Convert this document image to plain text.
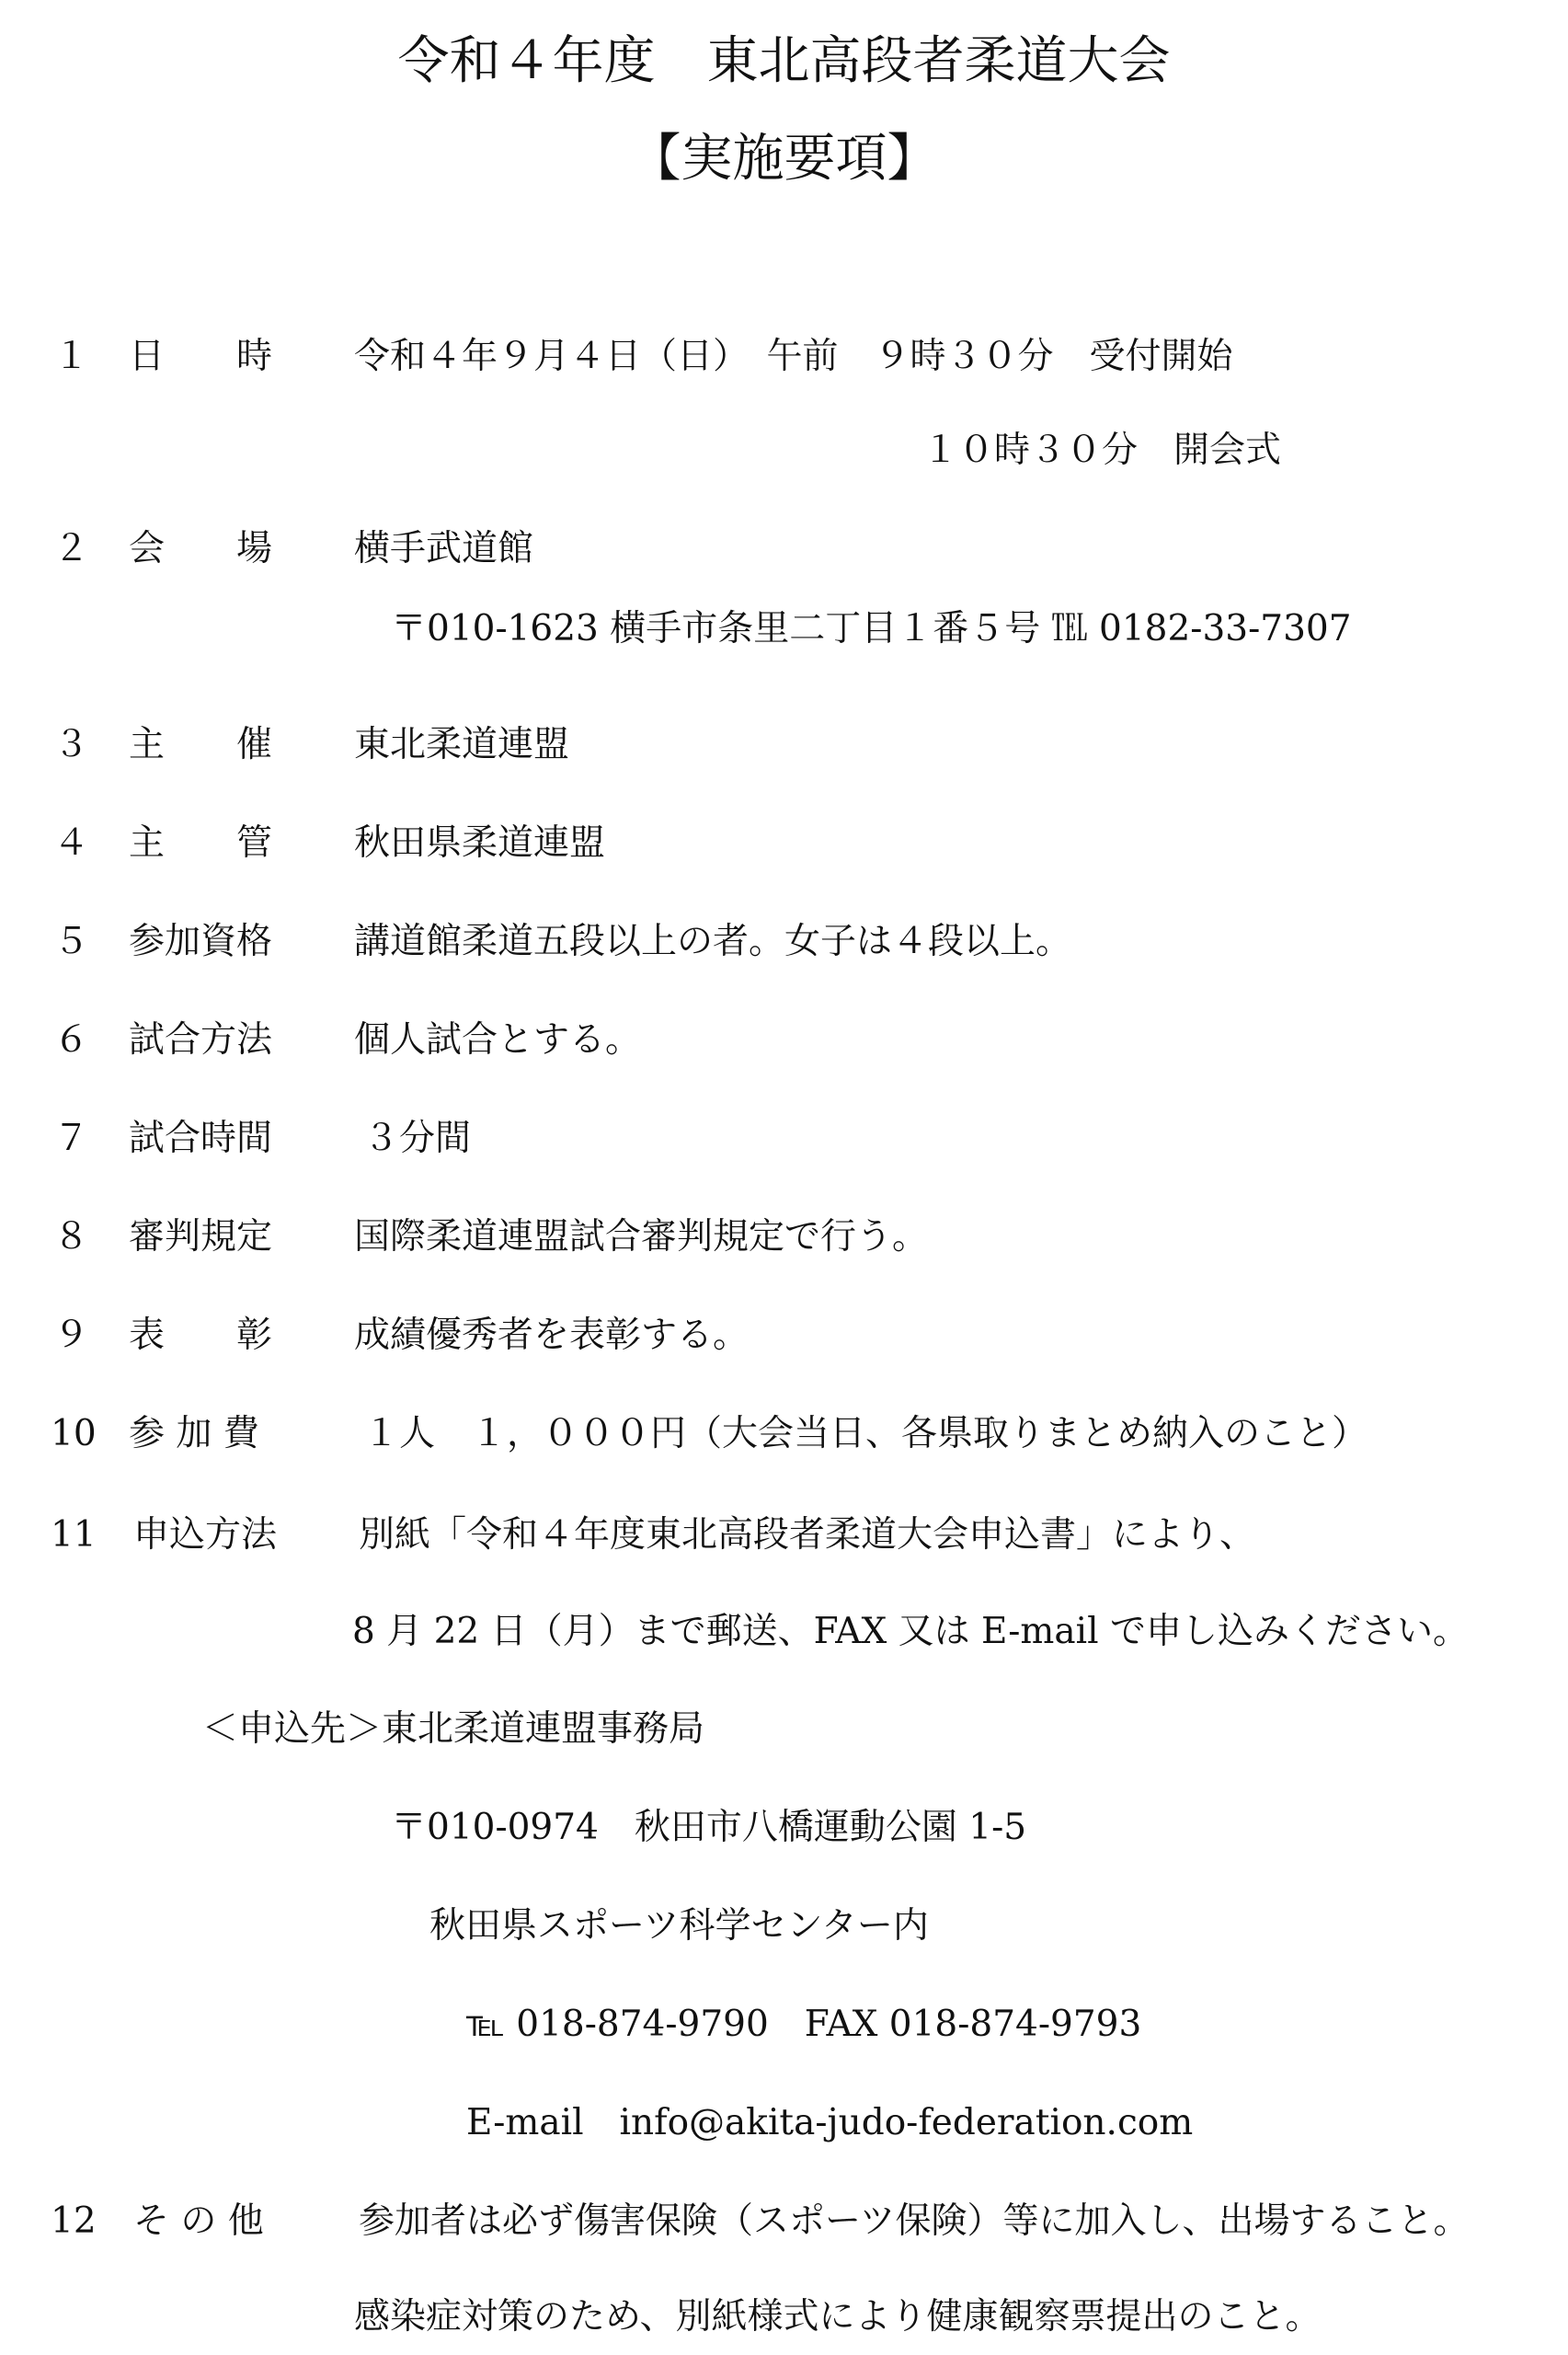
令和４年度　東北高段者柔道大会
【実施要項】
１ 日　　時 令和４年９月４日（日）　午前　９時３０分　受付開始
１０時３０分　開会式
２ 会　　場 横手武道館
〒010-1623 横手市条里二丁目１番５号 ℡ 0182-33-7307
３ 主　　催 東北柔道連盟
４ 主　　管 秋田県柔道連盟
５ 参加資格 講道館柔道五段以上の者。女子は４段以上。
６ 試合方法 個人試合とする。
７ 試合時間	３分間
８ 審判規定 国際柔道連盟試合審判規定で行う。
９ 表　　彰 成績優秀者を表彰する。
10 参 加 費	１人　１，０００円（大会当日、各県取りまとめ納入のこと）
11 申込方法 別紙「令和４年度東北高段者柔道大会申込書」により、
8 月 22 日（月）まで郵送、FAX 又は E-mail で申し込みください。
＜申込先＞東北柔道連盟事務局
〒010-0974　秋田市八橋運動公園 1-5
秋田県スポーツ科学センター内
℡ 018-874-9790　FAX 018-874-9793
E-mail　info@akita-judo-federation.com
12 そ の 他	参加者は必ず傷害保険（スポーツ保険）等に加入し、出場すること。
感染症対策のため、別紙様式により健康観察票提出のこと。
